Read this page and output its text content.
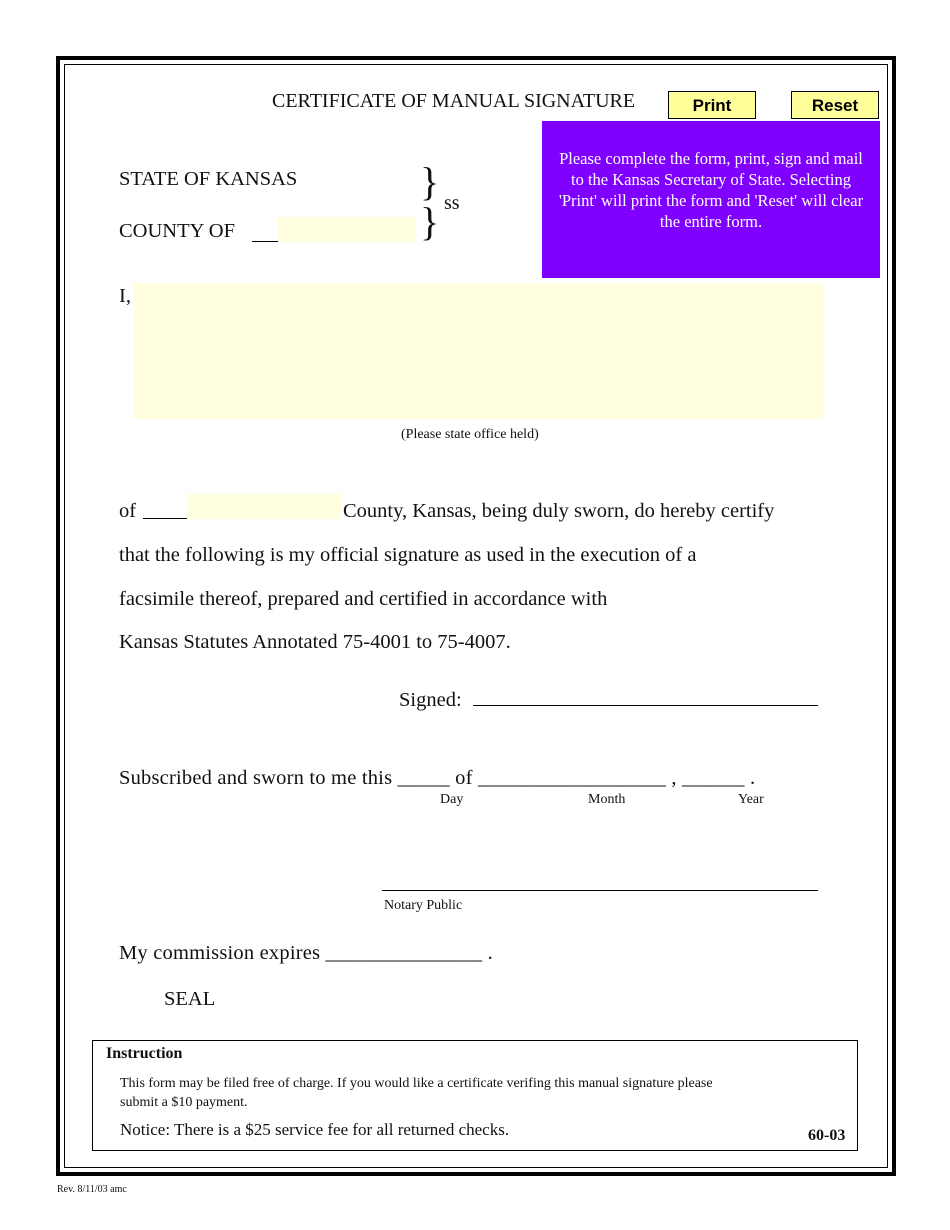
CERTIFICATE OF MANUAL SIGNATURE	Print	Reset
Please complete the form, print, sign and mail to the Kansas Secretary of State. Selecting 'Print' will print the form and 'Reset' will clear the entire form.
STATE OF KANSAS
COUNTY OF
}
} ss
I,
(Please state office held)
of	County, Kansas, being duly sworn, do hereby certify
that the following is my official signature as used in the execution of a
facsimile thereof, prepared and certified in accordance with
Kansas Statutes Annotated 75-4001 to 75-4007.
Signed:
Subscribed and sworn to me this _____ of __________________ , ______ .
Day	Month	Year
Notary Public
My commission expires _______________ .
SEAL
Instruction
This form may be filed free of charge. If you would like a certificate verifing this manual signature please
submit a $10 payment.
Notice: There is a $25 service fee for all returned checks.	60-03
Rev. 8/11/03 amc
